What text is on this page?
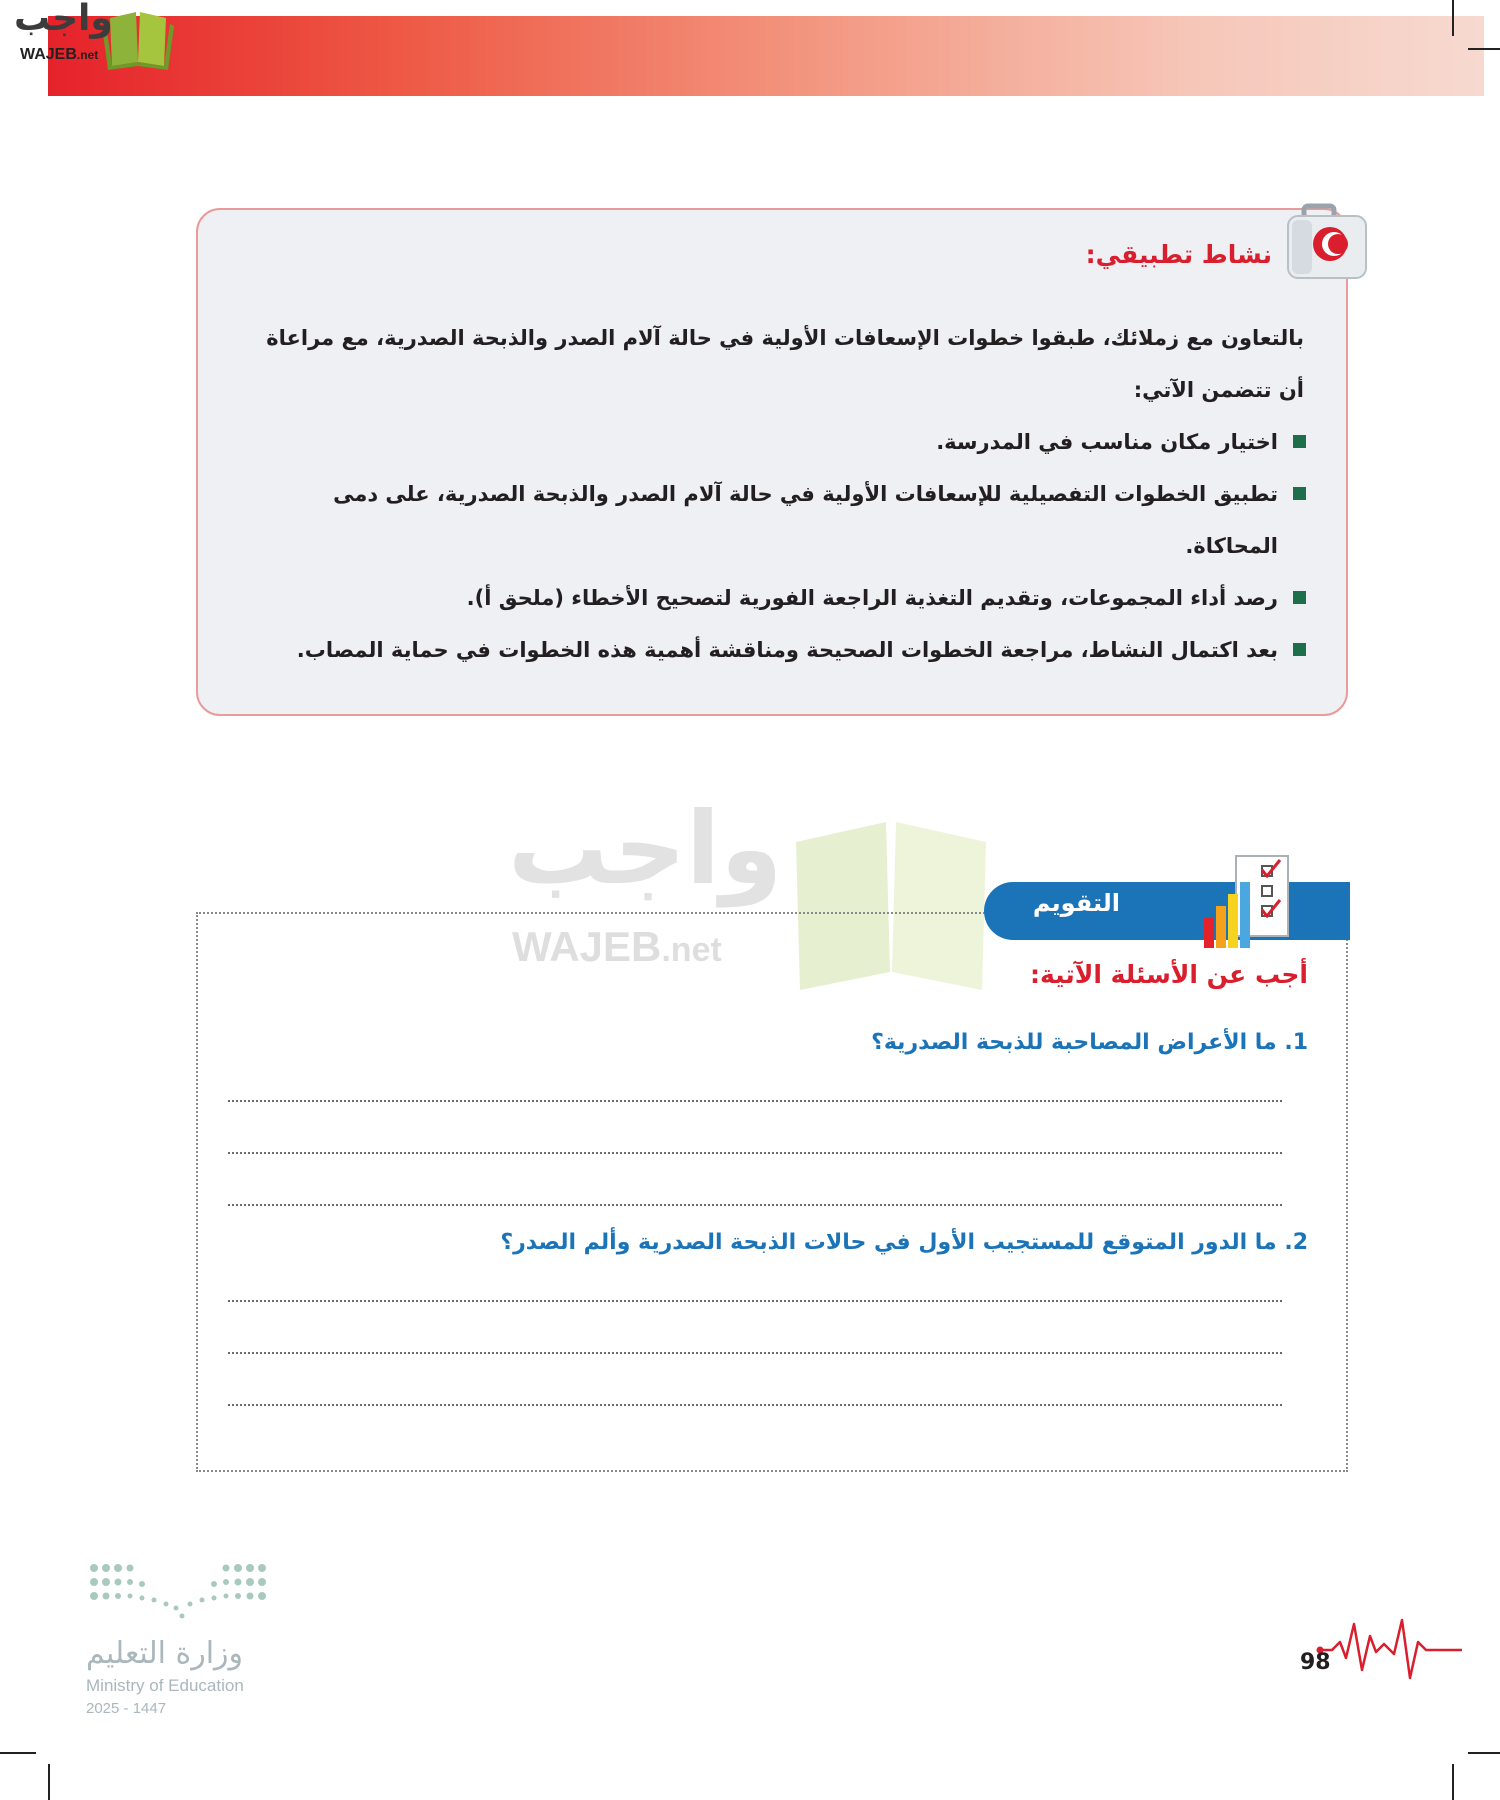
واجب
WAJEB.net
نشاط تطبيقي:
بالتعاون مع زملائك، طبقوا خطوات الإسعافات الأولية في حالة آلام الصدر والذبحة الصدرية، مع مراعاة
أن تتضمن الآتي:
اختيار مكان مناسب في المدرسة.
تطبيق الخطوات التفصيلية للإسعافات الأولية في حالة آلام الصدر والذبحة الصدرية، على دمى
المحاكاة.
رصد أداء المجموعات، وتقديم التغذية الراجعة الفورية لتصحيح الأخطاء (ملحق أ).
بعد اكتمال النشاط، مراجعة الخطوات الصحيحة ومناقشة أهمية هذه الخطوات في حماية المصاب.
واجب
WAJEB.net
التقويم
أجب عن الأسئلة الآتية:
1. ما الأعراض المصاحبة للذبحة الصدرية؟
2. ما الدور المتوقع للمستجيب الأول في حالات الذبحة الصدرية وألم الصدر؟
وزارة التعليم
Ministry of Education
2025 - 1447
98
